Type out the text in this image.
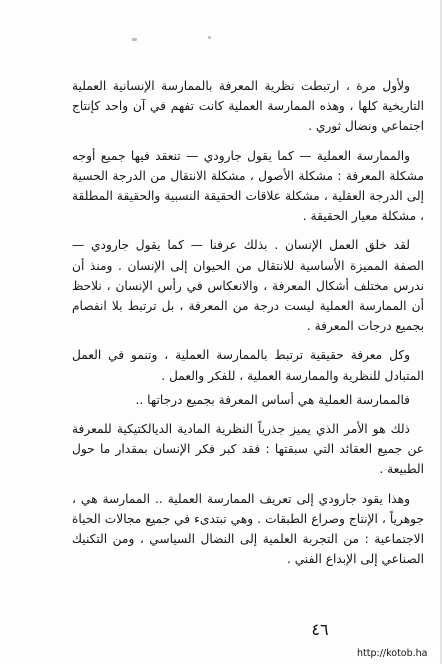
ولأول مرة ، ارتبطت نظرية المعرفة بالممارسة الإنسانية العملية التاريخية كلها ، وهذه الممارسة العملية كانت تفهم في آن واحد كإنتاج اجتماعي ونضال ثوري .

والممارسة العملية — كما يقول جارودي — تنعقد فيها جميع أوجه مشكلة المعرفة : مشكلة الأصول ، مشكلة الانتقال من الدرجة الحسية إلى الدرجة العقلية ، مشكلة علاقات الحقيقة النسبية والحقيقة المطلقة ، مشكلة معيار الحقيقة .

لقد خلق العمل الإنسان . بذلك عرفنا — كما يقول جارودي — الصفة المميزة الأساسية للانتقال من الحيوان إلى الإنسان . ومنذ أن ندرس مختلف أشكال المعرفة ، والانعكاس في رأس الإنسان ، نلاحظ أن الممارسة العملية ليست درجة من المعرفة ، بل ترتبط بلا انفصام بجميع درجات المعرفة .

وكل معرفة حقيقية ترتبط بالممارسة العملية ، وتنمو في العمل المتبادل للنظرية والممارسة العملية ، للفكر والعمل .

فالممارسة العملية هي أساس المعرفة بجميع درجاتها ..

ذلك هو الأمر الذي يميز جذرياً النظرية المادية الديالكتيكية للمعرفة عن جميع العقائد التي سبقتها : فقد كبر فكر الإنسان بمقدار ما حول الطبيعة .

وهذا يقود جارودي إلى تعريف الممارسة العملية .. الممارسة هي ، جوهرياً ، الإنتاج وصراع الطبقات . وهي تبتدىء في جميع مجالات الحياة الاجتماعية : من التجربة العلمية إلى النضال السياسي ، ومن التكنيك الصناعي إلى الإبداع الفني .

٤٦
http://kotob.ha
